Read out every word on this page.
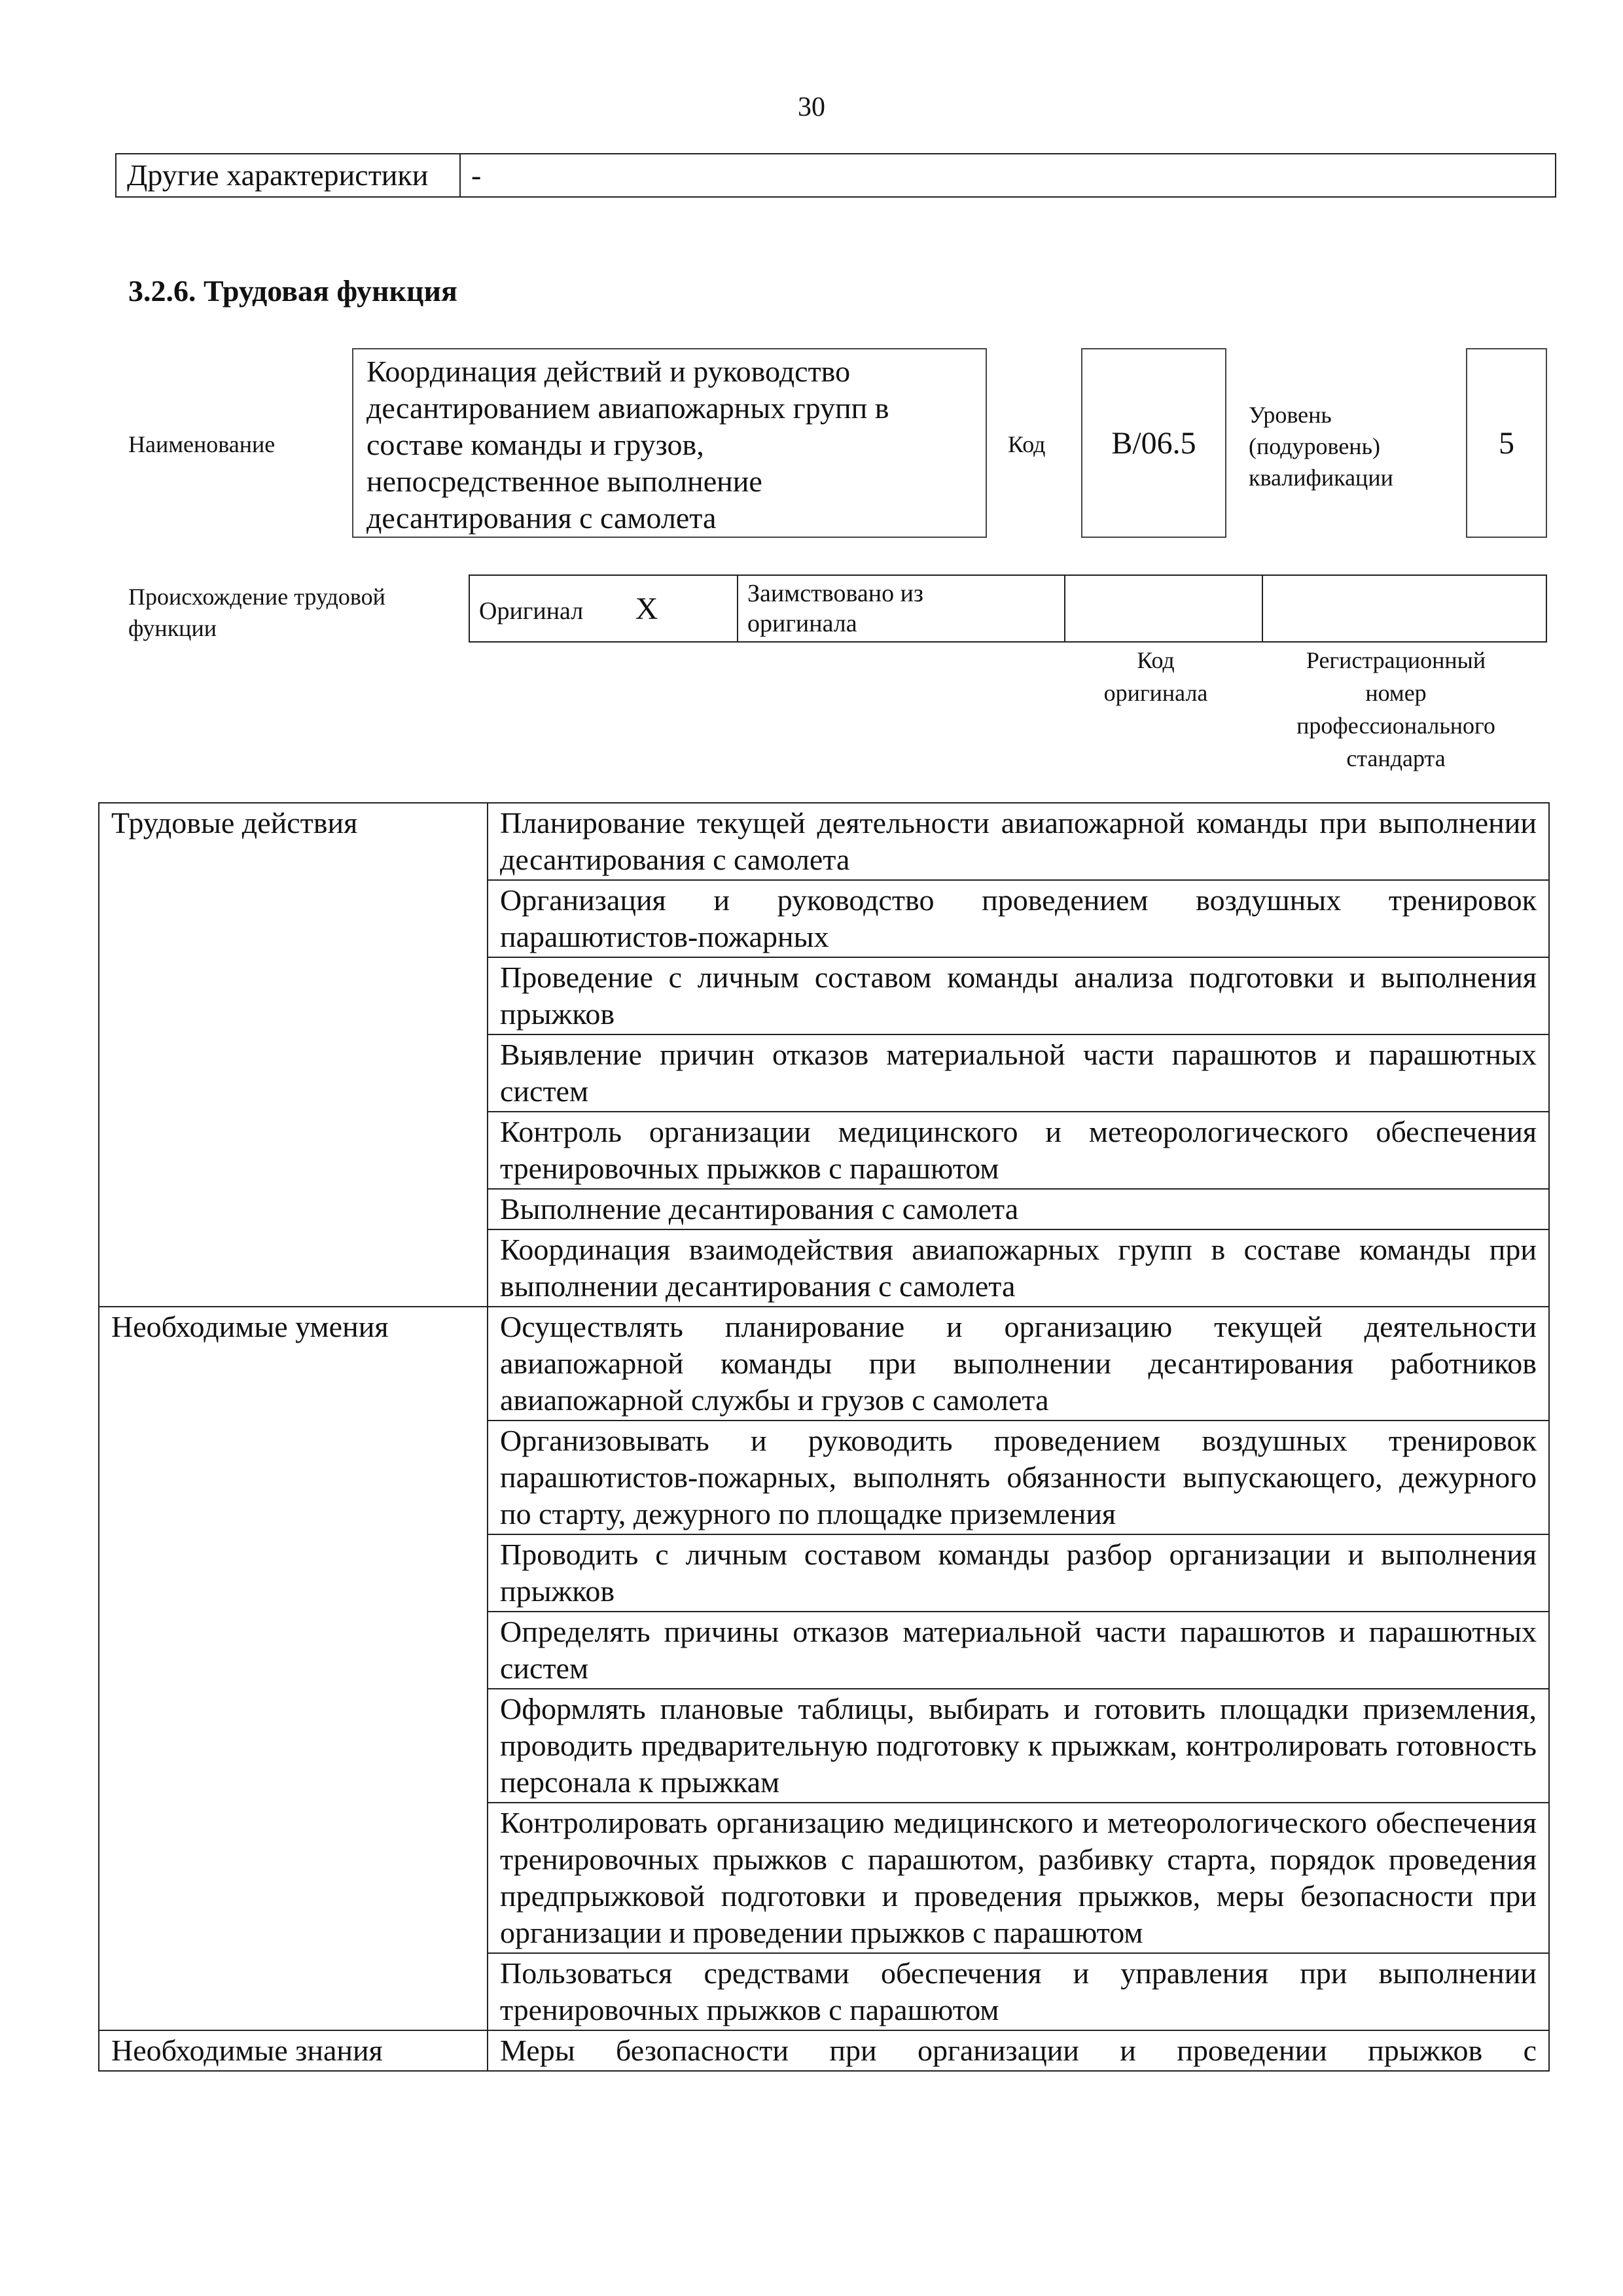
30
Другие характеристики	-
3.2.6. Трудовая функция
Наименование
Координация действий и руководство
десантированием авиапожарных групп в
составе команды и грузов,
непосредственное выполнение
десантирования с самолета
Код	B/06.5
Уровень
(подуровень)
квалификации
5
Происхождение трудовой
функции
Оригинал X	Заимствовано из
оригинала

Код
оригинала
Регистрационный
номер
профессионального
стандарта
Трудовые действия	Планирование текущей деятельности авиапожарной команды при выполнении десантирования с самолета
	Организация и руководство проведением воздушных тренировок парашютистов-пожарных
	Проведение с личным составом команды анализа подготовки и выполнения прыжков
	Выявление причин отказов материальной части парашютов и парашютных систем
	Контроль организации медицинского и метеорологического обеспечения тренировочных прыжков с парашютом
	Выполнение десантирования с самолета
	Координация взаимодействия авиапожарных групп в составе команды при выполнении десантирования с самолета
Необходимые умения	Осуществлять планирование и организацию текущей деятельности авиапожарной команды при выполнении десантирования работников авиапожарной службы и грузов с самолета
	Организовывать и руководить проведением воздушных тренировок парашютистов-пожарных, выполнять обязанности выпускающего, дежурного по старту, дежурного по площадке приземления
	Проводить с личным составом команды разбор организации и выполнения прыжков
	Определять причины отказов материальной части парашютов и парашютных систем
	Оформлять плановые таблицы, выбирать и готовить площадки приземления, проводить предварительную подготовку к прыжкам, контролировать готовность персонала к прыжкам
	Контролировать организацию медицинского и метеорологического обеспечения тренировочных прыжков с парашютом, разбивку старта, порядок проведения предпрыжковой подготовки и проведения прыжков, меры безопасности при организации и проведении прыжков с парашютом
	Пользоваться средствами обеспечения и управления при выполнении тренировочных прыжков с парашютом
Необходимые знания	Меры безопасности при организации и проведении прыжков с
